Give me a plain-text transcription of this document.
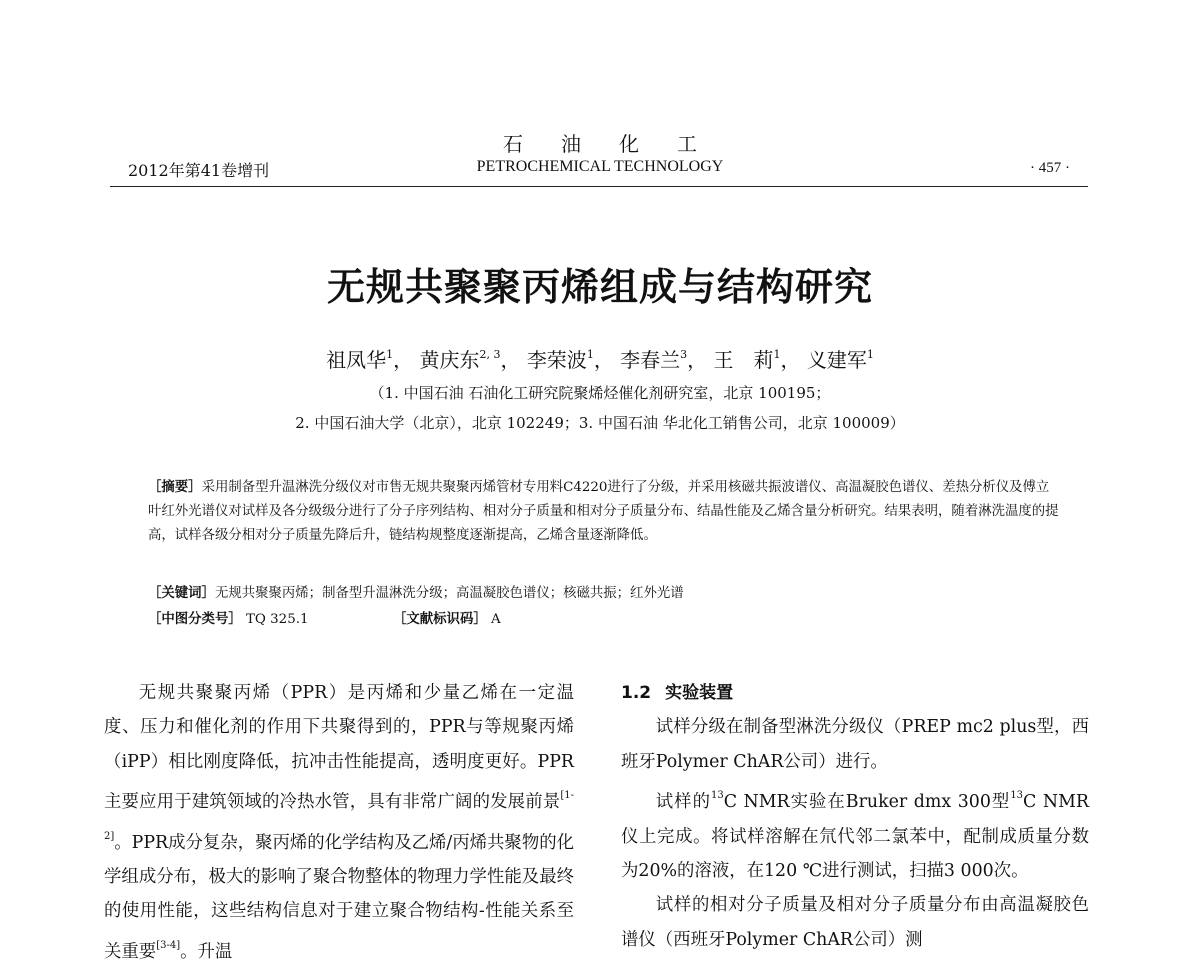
石油化工
2012年第41卷增刊	PETROCHEMICAL TECHNOLOGY	· 457 ·
无规共聚聚丙烯组成与结构研究
祖凤华$^1$， 黄庆东$^{2, 3}$， 李荣波$^1$， 李春兰$^3$， 王　莉$^1$， 义建军$^1$
（1. 中国石油 石油化工研究院聚烯烃催化剂研究室，北京 100195；
2. 中国石油大学（北京），北京 102249；3. 中国石油 华北化工销售公司，北京 100009）
［摘要］采用制备型升温淋洗分级仪对市售无规共聚聚丙烯管材专用料C4220进行了分级，并采用核磁共振波谱仪、高温凝胶色谱仪、差热分析仪及傅立叶红外光谱仪对试样及各分级级分进行了分子序列结构、相对分子质量和相对分子质量分布、结晶性能及乙烯含量分析研究。结果表明，随着淋洗温度的提高，试样各级分相对分子质量先降后升，链结构规整度逐渐提高，乙烯含量逐渐降低。
［关键词］无规共聚聚丙烯；制备型升温淋洗分级；高温凝胶色谱仪；核磁共振；红外光谱
［中图分类号］ TQ 325.1	［文献标识码］ A

无规共聚聚丙烯（PPR）是丙烯和少量乙烯在一定温度、压力和催化剂的作用下共聚得到的，PPR与等规聚丙烯（iPP）相比刚度降低，抗冲击性能提高，透明度更好。PPR主要应用于建筑领域的冷热水管，具有非常广阔的发展前景[1-2]。PPR成分复杂，聚丙烯的化学结构及乙烯/丙烯共聚物的化学组成分布，极大的影响了聚合物整体的物理力学性能及最终的使用性能，这些结构信息对于建立聚合物结构-性能关系至关重要[3-4]。升温

1.2 实验装置

试样分级在制备型淋洗分级仪（PREP mc2 plus型，西班牙Polymer ChAR公司）进行。

试样的$^{13}$C NMR实验在Bruker dmx 300型$^{13}$C NMR仪上完成。将试样溶解在氘代邻二氯苯中，配制成质量分数为20%的溶液，在120 ℃进行测试，扫描3 000次。

试样的相对分子质量及相对分子质量分布由高温凝胶色谱仪（西班牙Polymer ChAR公司）测
